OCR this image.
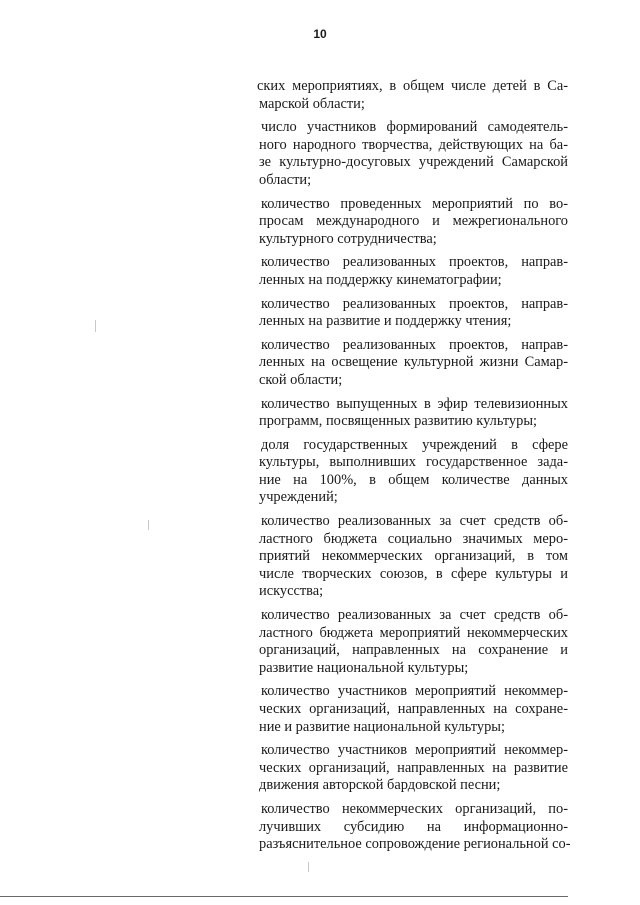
10
ских мероприятиях, в общем числе детей в Са-
марской области;
число участников формирований самодеятель-
ного народного творчества, действующих на ба-
зе культурно-досуговых учреждений Самарской
области;
количество проведенных мероприятий по во-
просам международного и межрегионального
культурного сотрудничества;
количество реализованных проектов, направ-
ленных на поддержку кинематографии;
количество реализованных проектов, направ-
ленных на развитие и поддержку чтения;
количество реализованных проектов, направ-
ленных на освещение культурной жизни Самар-
ской области;
количество выпущенных в эфир телевизионных
программ, посвященных развитию культуры;
доля государственных учреждений в сфере
культуры, выполнивших государственное зада-
ние на 100%, в общем количестве данных
учреждений;
количество реализованных за счет средств об-
ластного бюджета социально значимых меро-
приятий некоммерческих организаций, в том
числе творческих союзов, в сфере культуры и
искусства;
количество реализованных за счет средств об-
ластного бюджета мероприятий некоммерческих
организаций, направленных на сохранение и
развитие национальной культуры;
количество участников мероприятий некоммер-
ческих организаций, направленных на сохране-
ние и развитие национальной культуры;
количество участников мероприятий некоммер-
ческих организаций, направленных на развитие
движения авторской бардовской песни;
количество некоммерческих организаций, по-
лучивших субсидию на информационно-
разъяснительное сопровождение региональной со-
